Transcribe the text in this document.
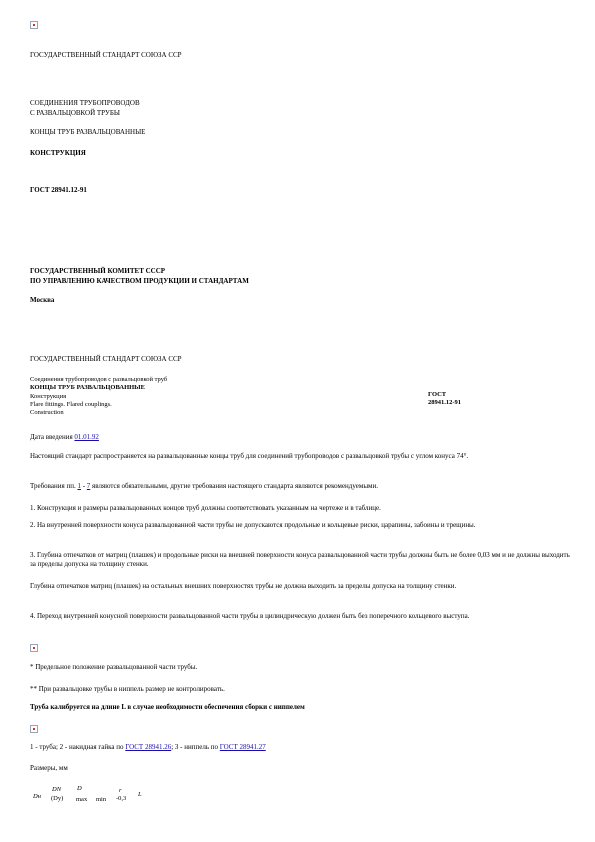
ГОСУДАРСТВЕННЫЙ СТАНДАРТ СОЮЗА ССР
СОЕДИНЕНИЯ ТРУБОПРОВОДОВ
С РАЗВАЛЬЦОВКОЙ ТРУБЫ
КОНЦЫ ТРУБ РАЗВАЛЬЦОВАННЫЕ
КОНСТРУКЦИЯ
ГОСТ 28941.12-91
ГОСУДАРСТВЕННЫЙ КОМИТЕТ СССР
ПО УПРАВЛЕНИЮ КАЧЕСТВОМ ПРОДУКЦИИ И СТАНДАРТАМ
Москва
ГОСУДАРСТВЕННЫЙ СТАНДАРТ СОЮЗА ССР
Соединения трубопроводов с развальцовкой труб
КОНЦЫ ТРУБ РАЗВАЛЬЦОВАННЫЕ
Конструкция
Flare fittings. Flared couplings.
Construction
ГОСТ
28941.12-91
Дата введения 01.01.92
Настоящий стандарт распространяется на развальцованные концы труб для соединений трубопроводов с развальцовкой трубы с углом конуса 74°.
Требования пп. 1 - 7 являются обязательными, другие требования настоящего стандарта являются рекомендуемыми.
1. Конструкция и размеры развальцованных концов труб должны соответствовать указанным на чертеже и в таблице.
2. На внутренней поверхности конуса развальцованной части трубы не допускаются продольные и кольцевые риски, царапины, забоины и трещины.
3. Глубина отпечатков от матриц (плашек) и продольные риски на внешней поверхности конуса развальцованной части трубы должны быть не более 0,03 мм и не должны выходить за пределы допуска на толщину стенки.
Глубина отпечатков матриц (плашек) на остальных внешних поверхностях трубы не должна выходить за пределы допуска на толщину стенки.
4. Переход внутренней конусной поверхности развальцованной части трубы в цилиндрическую должен быть без поперечного кольцевого выступа.
* Предельное положение развальцованной части трубы.
** При развальцовке трубы в ниппель размер не контролировать.
Труба калибруется на длине L в случае необходимости обеспечения сборки с ниппелем
1 - труба; 2 - накидная гайка по ГОСТ 28941.26; 3 - ниппель по ГОСТ 28941.27
Размеры, мм
Dн
DN
(Dy)
D
max min
r
-0,3
L
